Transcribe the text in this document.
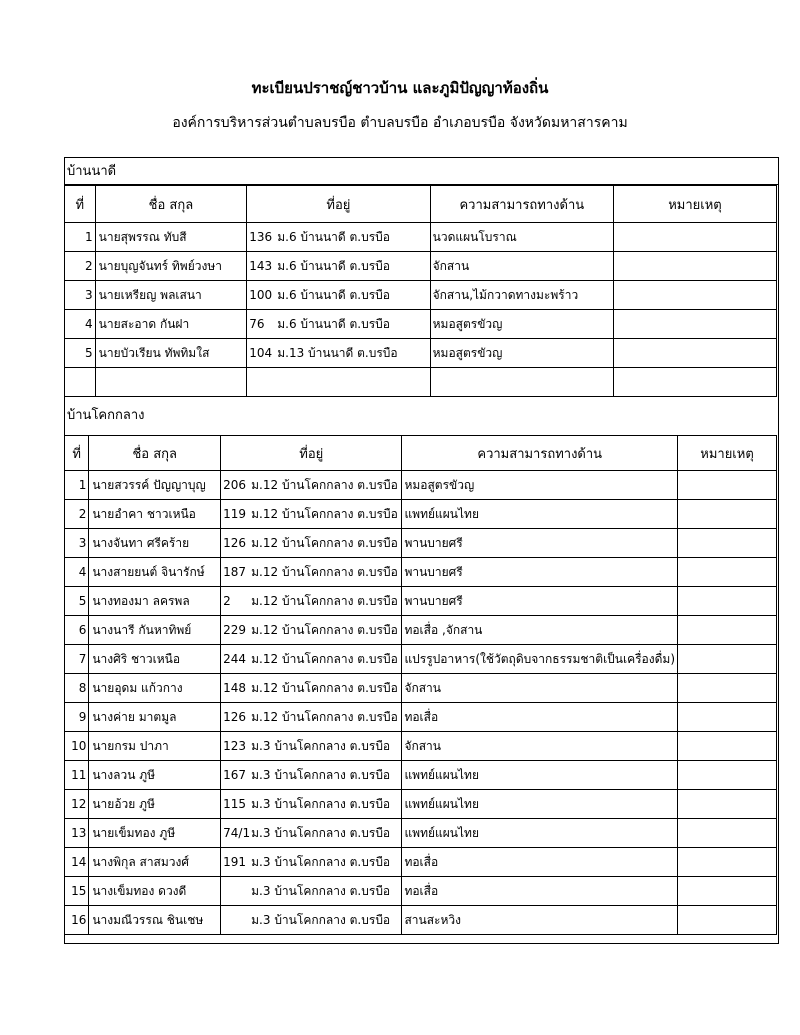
ทะเบียนปราชญ์ชาวบ้าน และภูมิปัญญาท้องถิ่น
องค์การบริหารส่วนตำบลบรบือ ตำบลบรบือ อำเภอบรบือ จังหวัดมหาสารคาม
บ้านนาดี
ที่	ชื่อ สกุล	ที่อยู่	ความสามารถทางด้าน	หมายเหตุ
1	นายสุพรรณ ทับสี	136 ม.6 บ้านนาดี ต.บรบือ	นวดแผนโบราณ	
2	นายบุญจันทร์ ทิพย์วงษา	143 ม.6 บ้านนาดี ต.บรบือ	จักสาน	
3	นายเหรียญ พลเสนา	100 ม.6 บ้านนาดี ต.บรบือ	จักสาน,ไม้กวาดทางมะพร้าว	
4	นายสะอาด กันฝา	76 ม.6 บ้านนาดี ต.บรบือ	หมอสูตรขัวญ	
5	นายบัวเรียน ทัพทิมใส	104 ม.13 บ้านนาดี ต.บรบือ	หมอสูตรขัวญ	

บ้านโคกกลาง
ที่	ชื่อ สกุล	ที่อยู่	ความสามารถทางด้าน	หมายเหตุ
1	นายสวรรค์ ปัญญาบุญ	206 ม.12 บ้านโคกกลาง ต.บรบือ	หมอสูตรขัวญ	
2	นายอำคา ชาวเหนือ	119 ม.12 บ้านโคกกลาง ต.บรบือ	แพทย์แผนไทย	
3	นางจันทา ศรีคร้าย	126 ม.12 บ้านโคกกลาง ต.บรบือ	พานบายศรี	
4	นางสายยนต์ จินารักษ์	187 ม.12 บ้านโคกกลาง ต.บรบือ	พานบายศรี	
5	นางทองมา ลครพล	2 ม.12 บ้านโคกกลาง ต.บรบือ	พานบายศรี	
6	นางนารี กันหาทิพย์	229 ม.12 บ้านโคกกลาง ต.บรบือ	ทอเสื่อ ,จักสาน	
7	นางศิริ ชาวเหนือ	244 ม.12 บ้านโคกกลาง ต.บรบือ	แปรรูปอาหาร(ใช้วัตถุดิบจากธรรมชาติเป็นเครื่องดื่ม)	
8	นายอุดม แก้วกาง	148 ม.12 บ้านโคกกลาง ต.บรบือ	จักสาน	
9	นางค่าย มาตมูล	126 ม.12 บ้านโคกกลาง ต.บรบือ	ทอเสื่อ	
10	นายกรม ปาภา	123 ม.3 บ้านโคกกลาง ต.บรบือ	จักสาน	
11	นางลวน ภูษี	167 ม.3 บ้านโคกกลาง ต.บรบือ	แพทย์แผนไทย	
12	นายอ้วย ภูษี	115 ม.3 บ้านโคกกลาง ต.บรบือ	แพทย์แผนไทย	
13	นายเข็มทอง ภูษี	74/1ม.3 บ้านโคกกลาง ต.บรบือ	แพทย์แผนไทย	
14	นางพิกุล สาสมวงศ์	191 ม.3 บ้านโคกกลาง ต.บรบือ	ทอเสื่อ	
15	นางเข็มทอง ดวงดี	ม.3 บ้านโคกกลาง ต.บรบือ	ทอเสื่อ	
16	นางมณีวรรณ ชินเชษ	ม.3 บ้านโคกกลาง ต.บรบือ	สานสะหวิง	
